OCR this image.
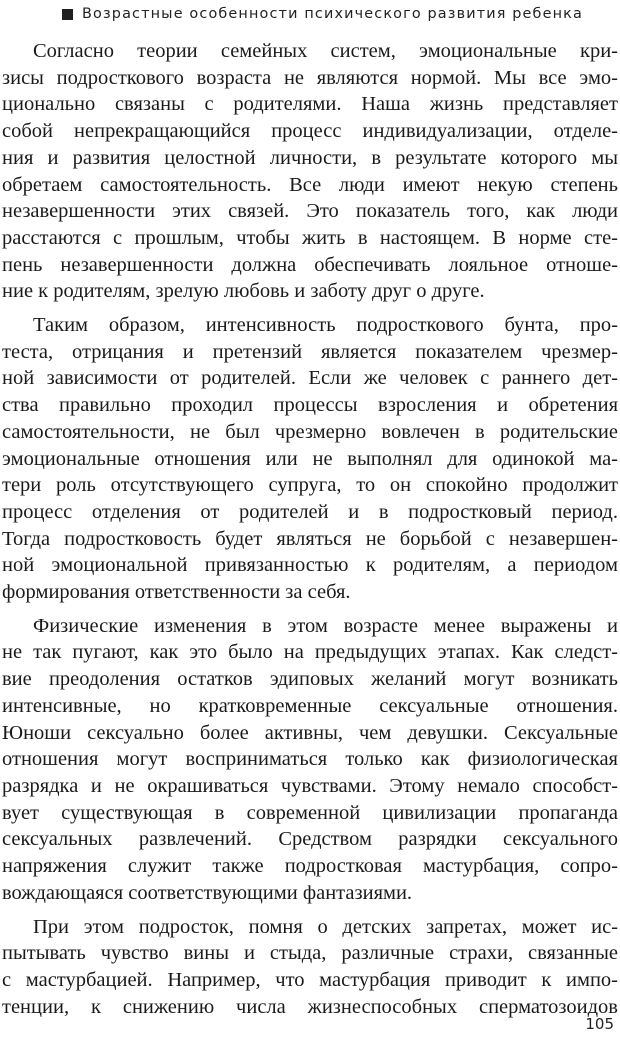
Возрастные особенности психического развития ребенка
Согласно теории семейных систем, эмоциональные кри-
зисы подросткового возраста не являются нормой. Мы все эмо-
ционально связаны с родителями. Наша жизнь представляет
собой непрекращающийся процесс индивидуализации, отделе-
ния и развития целостной личности, в результате которого мы
обретаем самостоятельность. Все люди имеют некую степень
незавершенности этих связей. Это показатель того, как люди
расстаются с прошлым, чтобы жить в настоящем. В норме сте-
пень незавершенности должна обеспечивать лояльное отноше-
ние к родителям, зрелую любовь и заботу друг о друге.
Таким образом, интенсивность подросткового бунта, про-
теста, отрицания и претензий является показателем чрезмер-
ной зависимости от родителей. Если же человек с раннего дет-
ства правильно проходил процессы взросления и обретения
самостоятельности, не был чрезмерно вовлечен в родительские
эмоциональные отношения или не выполнял для одинокой ма-
тери роль отсутствующего супруга, то он спокойно продолжит
процесс отделения от родителей и в подростковый период.
Тогда подростковость будет являться не борьбой с незавершен-
ной эмоциональной привязанностью к родителям, а периодом
формирования ответственности за себя.
Физические изменения в этом возрасте менее выражены и
не так пугают, как это было на предыдущих этапах. Как следст-
вие преодоления остатков эдиповых желаний могут возникать
интенсивные, но кратковременные сексуальные отношения.
Юноши сексуально более активны, чем девушки. Сексуальные
отношения могут восприниматься только как физиологическая
разрядка и не окрашиваться чувствами. Этому немало способст-
вует существующая в современной цивилизации пропаганда
сексуальных развлечений. Средством разрядки сексуального
напряжения служит также подростковая мастурбация, сопро-
вождающаяся соответствующими фантазиями.
При этом подросток, помня о детских запретах, может ис-
пытывать чувство вины и стыда, различные страхи, связанные
с мастурбацией. Например, что мастурбация приводит к импо-
тенции, к снижению числа жизнеспособных сперматозоидов
105
